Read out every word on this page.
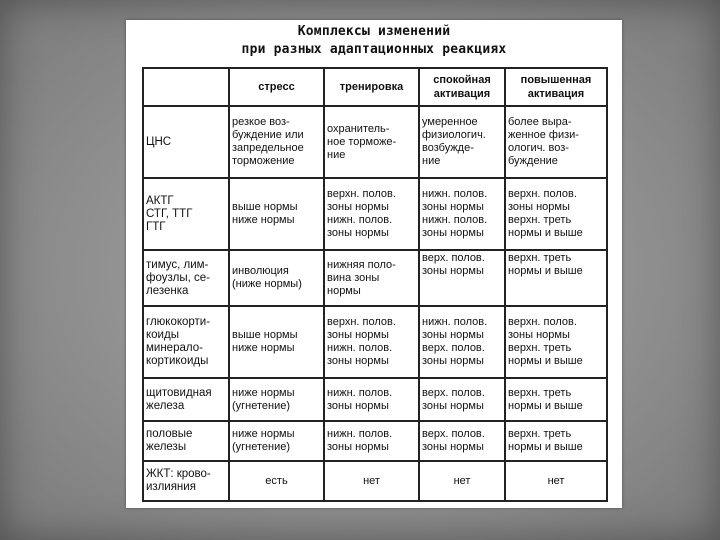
Комплексы изменений
при разных адаптационных реакциях

	стресс	тренировка	спокойная
активация	повышенная
активация

ЦНС	резкое воз-
буждение или
запредельное
торможение	охранитель-
ное торможе-
ние	умеренное
физиологич.
возбужде-
ние	более выра-
женное физи-
ологич. воз-
буждение

АКТГ
СТГ, ТТГ
ГТГ	выше нормы
ниже нормы	верхн. полов.
зоны нормы
нижн. полов.
зоны нормы	нижн. полов.
зоны нормы
нижн. полов.
зоны нормы	верхн. полов.
зоны нормы
верхн. треть
нормы и выше

тимус, лим-
фоузлы, се-
лезенка	инволюция
(ниже нормы)	нижняя поло-
вина зоны
нормы	верх. полов.
зоны нормы	верхн. треть
нормы и выше

глюкокорти-
коиды
минерало-
кортикоиды	выше нормы
ниже нормы	верхн. полов.
зоны нормы
нижн. полов.
зоны нормы	нижн. полов.
зоны нормы
верх. полов.
зоны нормы	верхн. полов.
зоны нормы
верхн. треть
нормы и выше

щитовидная
железа	ниже нормы
(угнетение)	нижн. полов.
зоны нормы	верх. полов.
зоны нормы	верхн. треть
нормы и выше

половые
железы	ниже нормы
(угнетение)	нижн. полов.
зоны нормы	верх. полов.
зоны нормы	верхн. треть
нормы и выше

ЖКТ: крово-
излияния	есть	нет	нет	нет
